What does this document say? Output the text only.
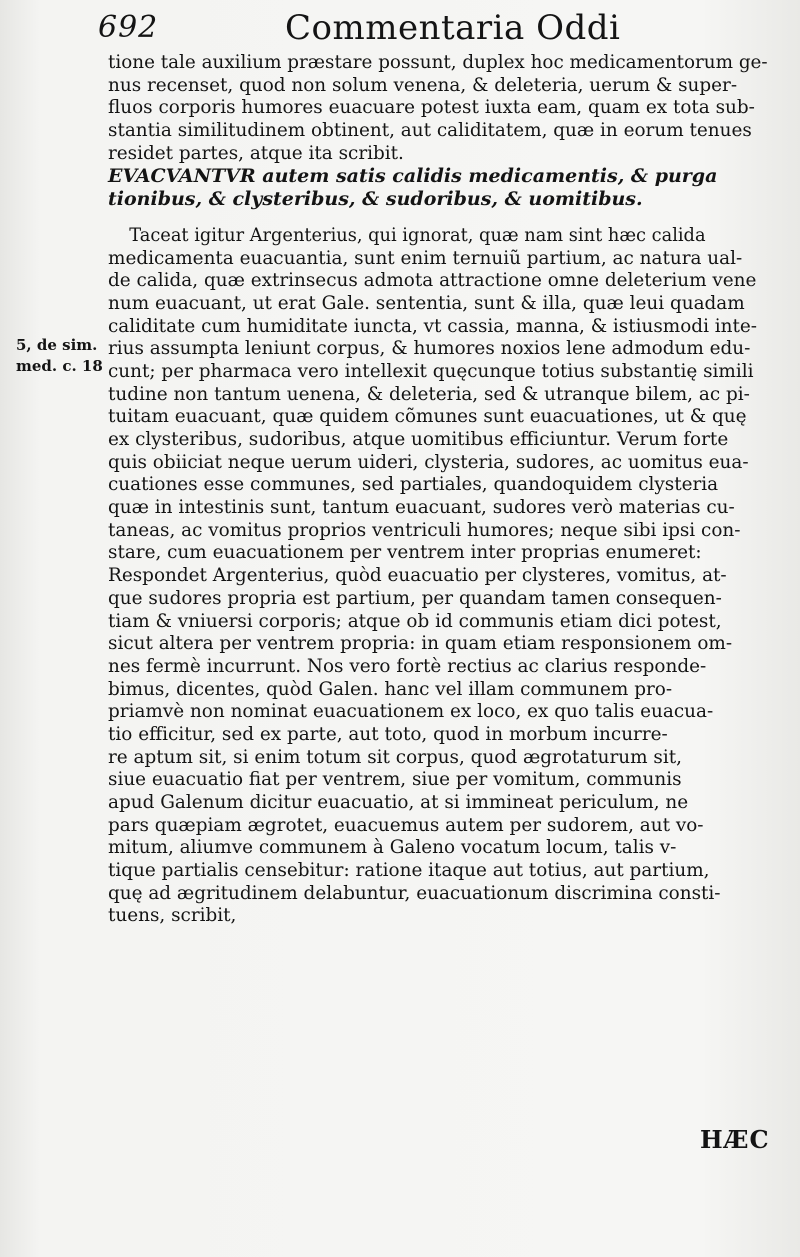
692	Commentaria Oddi
5, de sim.
med. c. 18
tione tale auxilium præstare possunt, duplex hoc medicamentorum ge-
nus recenset, quod non solum venena, & deleteria, uerum & super-
fluos corporis humores euacuare potest iuxta eam, quam ex tota sub-
stantia similitudinem obtinent, aut caliditatem, quæ in eorum tenues
residet partes, atque ita scribit.
EVACVANTVR autem satis calidis medicamentis, & purga
tionibus, & clysteribus, & sudoribus, & uomitibus.
Taceat igitur Argenterius, qui ignorat, quæ nam sint hæc calida
medicamenta euacuantia, sunt enim ternuiũ partium, ac natura ual-
de calida, quæ extrinsecus admota attractione omne deleterium vene
num euacuant, ut erat Gale. sententia, sunt & illa, quæ leui quadam
caliditate cum humiditate iuncta, vt cassia, manna, & istiusmodi inte-
rius assumpta leniunt corpus, & humores noxios lene admodum edu-
cunt; per pharmaca vero intellexit quęcunque totius substantię simili
tudine non tantum uenena, & deleteria, sed & utranque bilem, ac pi-
tuitam euacuant, quæ quidem cõmunes sunt euacuationes, ut & quę
ex clysteribus, sudoribus, atque uomitibus efficiuntur. Verum forte
quis obiiciat neque uerum uideri, clysteria, sudores, ac uomitus eua-
cuationes esse communes, sed partiales, quandoquidem clysteria
quæ in intestinis sunt, tantum euacuant, sudores verò materias cu-
taneas, ac vomitus proprios ventriculi humores; neque sibi ipsi con-
stare, cum euacuationem per ventrem inter proprias enumeret:
Respondet Argenterius, quòd euacuatio per clysteres, vomitus, at-
que sudores propria est partium, per quandam tamen consequen-
tiam & vniuersi corporis; atque ob id communis etiam dici potest,
sicut altera per ventrem propria: in quam etiam responsionem om-
nes fermè incurrunt. Nos vero fortè rectius ac clarius responde-
bimus, dicentes, quòd Galen. hanc vel illam communem pro-
priamvè non nominat euacuationem ex loco, ex quo talis euacua-
tio efficitur, sed ex parte, aut toto, quod in morbum incurre-
re aptum sit, si enim totum sit corpus, quod ægrotaturum sit,
siue euacuatio fiat per ventrem, siue per vomitum, communis
apud Galenum dicitur euacuatio, at si immineat periculum, ne
pars quæpiam ægrotet, euacuemus autem per sudorem, aut vo-
mitum, aliumve communem à Galeno vocatum locum, talis v-
tique partialis censebitur: ratione itaque aut totius, aut partium,
quę ad ægritudinem delabuntur, euacuationum discrimina consti-
tuens, scribit,
HÆC
